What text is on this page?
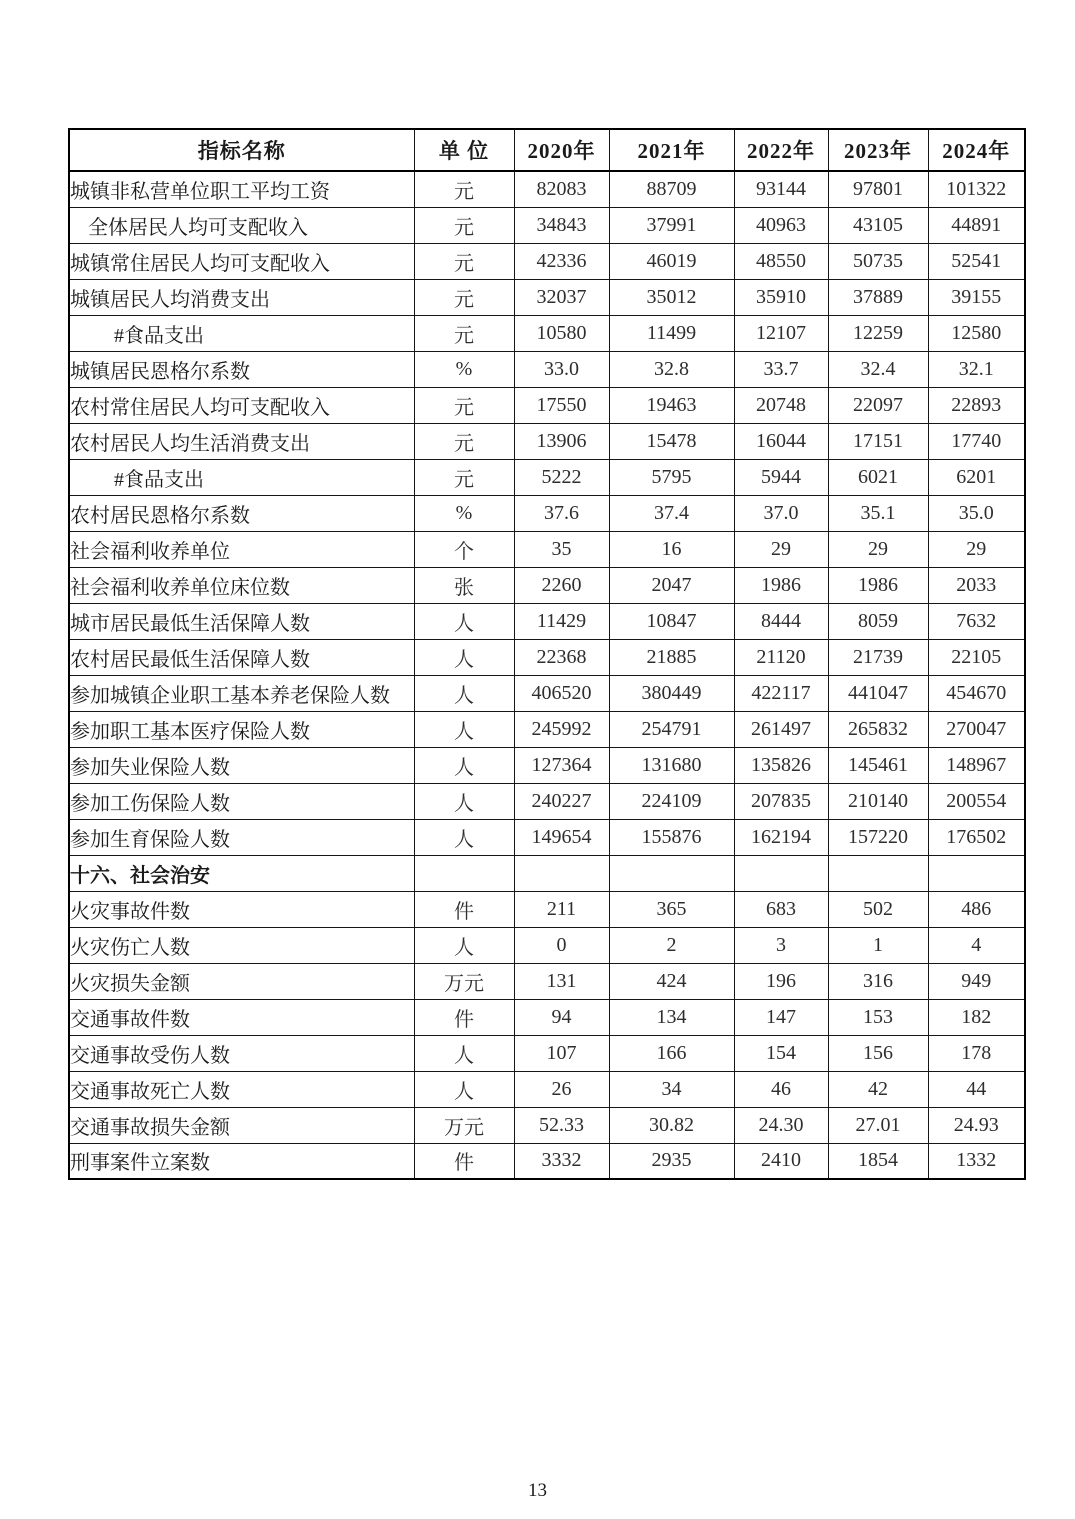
指标名称	单 位	2020年	2021年	2022年	2023年	2024年
城镇非私营单位职工平均工资	元	82083	88709	93144	97801	101322
全体居民人均可支配收入	元	34843	37991	40963	43105	44891
城镇常住居民人均可支配收入	元	42336	46019	48550	50735	52541
城镇居民人均消费支出	元	32037	35012	35910	37889	39155
#食品支出	元	10580	11499	12107	12259	12580
城镇居民恩格尔系数	%	33.0	32.8	33.7	32.4	32.1
农村常住居民人均可支配收入	元	17550	19463	20748	22097	22893
农村居民人均生活消费支出	元	13906	15478	16044	17151	17740
#食品支出	元	5222	5795	5944	6021	6201
农村居民恩格尔系数	%	37.6	37.4	37.0	35.1	35.0
社会福利收养单位	个	35	16	29	29	29
社会福利收养单位床位数	张	2260	2047	1986	1986	2033
城市居民最低生活保障人数	人	11429	10847	8444	8059	7632
农村居民最低生活保障人数	人	22368	21885	21120	21739	22105
参加城镇企业职工基本养老保险人数	人	406520	380449	422117	441047	454670
参加职工基本医疗保险人数	人	245992	254791	261497	265832	270047
参加失业保险人数	人	127364	131680	135826	145461	148967
参加工伤保险人数	人	240227	224109	207835	210140	200554
参加生育保险人数	人	149654	155876	162194	157220	176502
十六、社会治安						
火灾事故件数	件	211	365	683	502	486
火灾伤亡人数	人	0	2	3	1	4
火灾损失金额	万元	131	424	196	316	949
交通事故件数	件	94	134	147	153	182
交通事故受伤人数	人	107	166	154	156	178
交通事故死亡人数	人	26	34	46	42	44
交通事故损失金额	万元	52.33	30.82	24.30	27.01	24.93
刑事案件立案数	件	3332	2935	2410	1854	1332
13
